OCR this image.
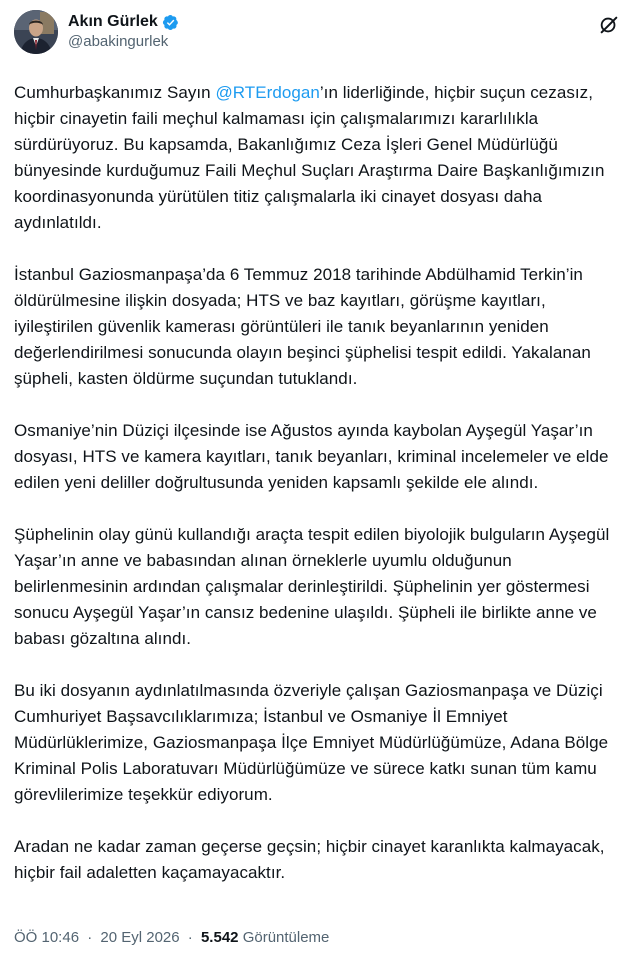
Akın Gürlek
@abakingurlek

Cumhurbaşkanımız Sayın @RTErdogan’ın liderliğinde, hiçbir suçun cezasız, hiçbir cinayetin faili meçhul kalmaması için çalışmalarımızı kararlılıkla sürdürüyoruz. Bu kapsamda, Bakanlığımız Ceza İşleri Genel Müdürlüğü bünyesinde kurduğumuz Faili Meçhul Suçları Araştırma Daire Başkanlığımızın koordinasyonunda yürütülen titiz çalışmalarla iki cinayet dosyası daha aydınlatıldı.

İstanbul Gaziosmanpaşa’da 6 Temmuz 2018 tarihinde Abdülhamid Terkin’in öldürülmesine ilişkin dosyada; HTS ve baz kayıtları, görüşme kayıtları, iyileştirilen güvenlik kamerası görüntüleri ile tanık beyanlarının yeniden değerlendirilmesi sonucunda olayın beşinci şüphelisi tespit edildi. Yakalanan şüpheli, kasten öldürme suçundan tutuklandı.

Osmaniye’nin Düziçi ilçesinde ise Ağustos ayında kaybolan Ayşegül Yaşar’ın dosyası, HTS ve kamera kayıtları, tanık beyanları, kriminal incelemeler ve elde edilen yeni deliller doğrultusunda yeniden kapsamlı şekilde ele alındı.

Şüphelinin olay günü kullandığı araçta tespit edilen biyolojik bulguların Ayşegül Yaşar’ın anne ve babasından alınan örneklerle uyumlu olduğunun belirlenmesinin ardından çalışmalar derinleştirildi. Şüphelinin yer göstermesi sonucu Ayşegül Yaşar’ın cansız bedenine ulaşıldı. Şüpheli ile birlikte anne ve babası gözaltına alındı.

Bu iki dosyanın aydınlatılmasında özveriyle çalışan Gaziosmanpaşa ve Düziçi Cumhuriyet Başsavcılıklarımıza; İstanbul ve Osmaniye İl Emniyet Müdürlüklerimize, Gaziosmanpaşa İlçe Emniyet Müdürlüğümüze, Adana Bölge Kriminal Polis Laboratuvarı Müdürlüğümüze ve sürece katkı sunan tüm kamu görevlilerimize teşekkür ediyorum.

Aradan ne kadar zaman geçerse geçsin; hiçbir cinayet karanlıkta kalmayacak, hiçbir fail adaletten kaçamayacaktır.

ÖÖ 10:46 · 20 Eyl 2026 · 5.542 Görüntüleme
